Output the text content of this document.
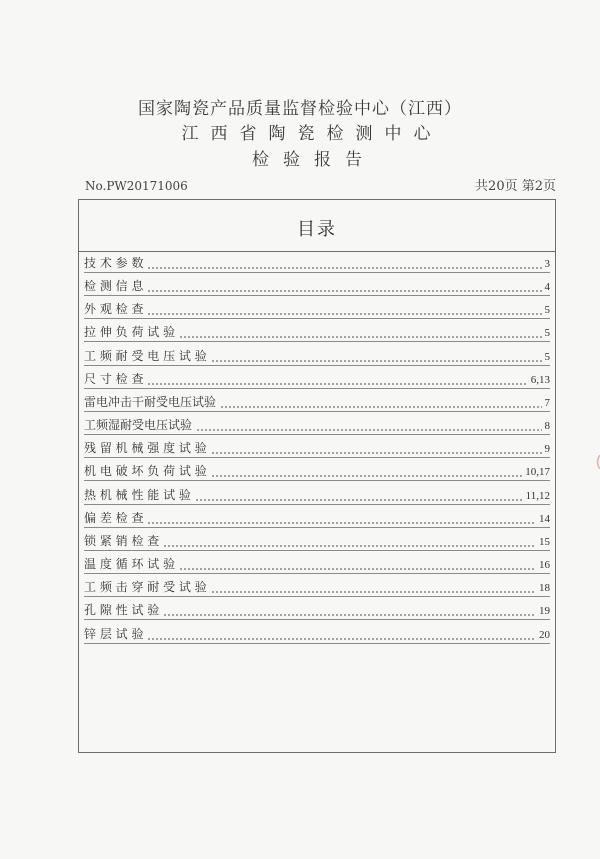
国家陶瓷产品质量监督检验中心（江西）
江西省陶瓷检测中心
检验报告
No.PW20171006	共20页 第2页
目录
技 术 参 数	3
检 测 信 息	4
外 观 检 查	5
拉 伸 负 荷 试 验	5
工 频 耐 受 电 压 试 验	5
尺 寸 检 查	6,13
雷电冲击干耐受电压试验	7
工频湿耐受电压试验	8
残 留 机 械 强 度 试 验	9
机 电 破 坏 负 荷 试 验	10,17
热 机 械 性 能 试 验	11,12
偏 差 检 查	14
锁 紧 销 检 查	15
温 度 循 环 试 验	16
工 频 击 穿 耐 受 试 验	18
孔 隙 性 试 验	19
锌 层 试 验	20
